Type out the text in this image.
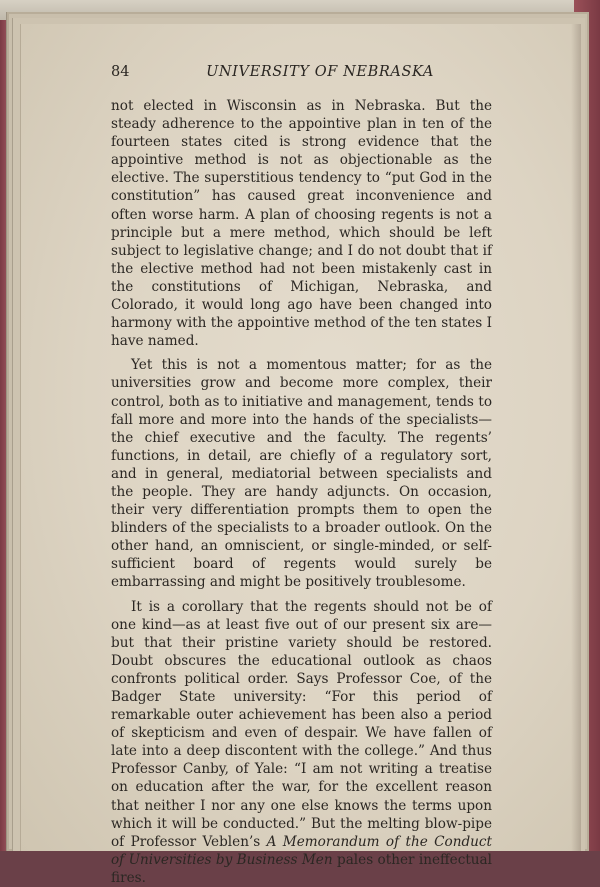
84	UNIVERSITY OF NEBRASKA

not elected in Wisconsin as in Nebraska. But the steady adherence to the appointive plan in ten of the fourteen states cited is strong evidence that the appointive method is not as objectionable as the elective. The superstitious tendency to “put God in the constitution” has caused great inconvenience and often worse harm. A plan of choosing regents is not a principle but a mere method, which should be left subject to legislative change; and I do not doubt that if the elective method had not been mistakenly cast in the constitutions of Michigan, Nebraska, and Colorado, it would long ago have been changed into harmony with the appointive method of the ten states I have named.

Yet this is not a momentous matter; for as the universities grow and become more complex, their control, both as to initiative and management, tends to fall more and more into the hands of the specialists—the chief executive and the faculty. The regents’ functions, in detail, are chiefly of a regulatory sort, and in general, mediatorial between specialists and the people. They are handy adjuncts. On occasion, their very differentiation prompts them to open the blinders of the specialists to a broader outlook. On the other hand, an omniscient, or single-minded, or self-sufficient board of regents would surely be embarrassing and might be positively troublesome.

It is a corollary that the regents should not be of one kind—as at least five out of our present six are—but that their pristine variety should be restored. Doubt obscures the educational outlook as chaos confronts political order. Says Professor Coe, of the Badger State university: “For this period of remarkable outer achievement has been also a period of skepticism and even of despair. We have fallen of late into a deep discontent with the college.” And thus Professor Canby, of Yale: “I am not writing a treatise on education after the war, for the excellent reason that neither I nor any one else knows the terms upon which it will be conducted.” But the melting blow-pipe of Professor Veblen’s A Memorandum of the Conduct of Universities by Business Men pales other ineffectual fires.
